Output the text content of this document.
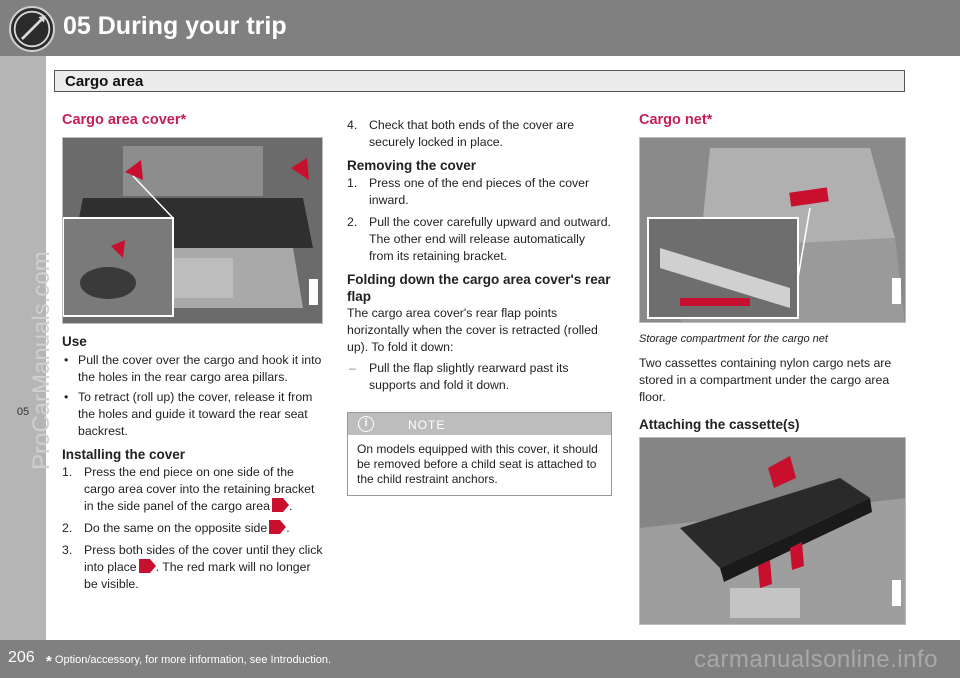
05 During your trip
05
ProCarManuals.com
Cargo area
Cargo area cover*
Use
• Pull the cover over the cargo and hook it into the holes in the rear cargo area pillars.
• To retract (roll up) the cover, release it from the holes and guide it toward the rear seat backrest.
Installing the cover
1. Press the end piece on one side of the cargo area cover into the retaining bracket in the side panel of the cargo area .
2. Do the same on the opposite side .
3. Press both sides of the cover until they click into place . The red mark will no longer be visible.
4. Check that both ends of the cover are securely locked in place.
Removing the cover
1. Press one of the end pieces of the cover inward.
2. Pull the cover carefully upward and outward. The other end will release automatically from its retaining bracket.
Folding down the cargo area cover's rear flap

The cargo area cover's rear flap points horizontally when the cover is retracted (rolled up). To fold it down:

– Pull the flap slightly rearward past its supports and fold it down.
i	NOTE
On models equipped with this cover, it should be removed before a child seat is attached to the child restraint anchors.
Cargo net*

Storage compartment for the cargo net

Two cassettes containing nylon cargo nets are stored in a compartment under the cargo area floor.

Attaching the cassette(s)
206 * Option/accessory, for more information, see Introduction.	carmanualsonline.info
